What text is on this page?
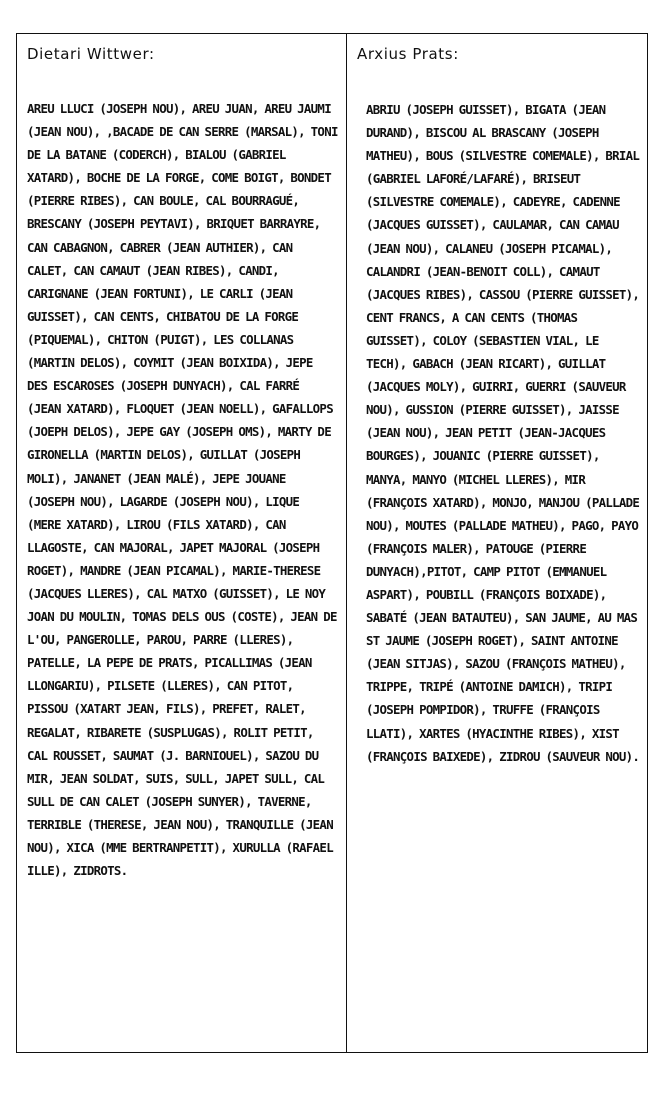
Dietari Wittwer:

AREU LLUCI (JOSEPH NOU), AREU JUAN, AREU JAUMI (JEAN NOU), ,BACADE DE CAN SERRE (MARSAL), TONI DE LA BATANE (CODERCH), BIALOU (GABRIEL XATARD), BOCHE DE LA FORGE, COME BOIGT, BONDET (PIERRE RIBES), CAN BOULE, CAL BOURRAGUÉ, BRESCANY (JOSEPH PEYTAVI), BRIQUET BARRAYRE, CAN CABAGNON, CABRER (JEAN AUTHIER), CAN CALET, CAN CAMAUT (JEAN RIBES), CANDI, CARIGNANE (JEAN FORTUNI), LE CARLI (JEAN GUISSET), CAN CENTS, CHIBATOU DE LA FORGE (PIQUEMAL), CHITON (PUIGT), LES COLLANAS (MARTIN DELOS), COYMIT (JEAN BOIXIDA), JEPE DES ESCAROSES (JOSEPH DUNYACH), CAL FARRÉ (JEAN XATARD), FLOQUET (JEAN NOELL), GAFALLOPS (JOEPH DELOS), JEPE GAY (JOSEPH OMS), MARTY DE GIRONELLA (MARTIN DELOS), GUILLAT (JOSEPH MOLI), JANANET (JEAN MALÉ), JEPE JOUANE (JOSEPH NOU), LAGARDE (JOSEPH NOU), LIQUE (MERE XATARD), LIROU (FILS XATARD), CAN LLAGOSTE, CAN MAJORAL, JAPET MAJORAL (JOSEPH ROGET), MANDRE (JEAN PICAMAL), MARIE-THERESE (JACQUES LLERES), CAL MATXO (GUISSET), LE NOY JOAN DU MOULIN, TOMAS DELS OUS (COSTE), JEAN DE L'OU, PANGEROLLE, PAROU, PARRE (LLERES), PATELLE, LA PEPE DE PRATS, PICALLIMAS (JEAN LLONGARIU), PILSETE (LLERES), CAN PITOT, PISSOU (XATART JEAN, FILS), PREFET, RALET, REGALAT, RIBARETE (SUSPLUGAS), ROLIT PETIT, CAL ROUSSET, SAUMAT (J. BARNIOUEL), SAZOU DU MIR, JEAN SOLDAT, SUIS, SULL, JAPET SULL, CAL SULL DE CAN CALET (JOSEPH SUNYER), TAVERNE, TERRIBLE (THERESE, JEAN NOU), TRANQUILLE (JEAN NOU), XICA (MME BERTRANPETIT), XURULLA (RAFAEL ILLE), ZIDROTS.

Arxius Prats:

ABRIU (JOSEPH GUISSET), BIGATA (JEAN DURAND), BISCOU AL BRASCANY (JOSEPH MATHEU), BOUS (SILVESTRE COMEMALE), BRIAL (GABRIEL LAFORÉ/LAFARÉ), BRISEUT (SILVESTRE COMEMALE), CADEYRE, CADENNE (JACQUES GUISSET), CAULAMAR, CAN CAMAU (JEAN NOU), CALANEU (JOSEPH PICAMAL), CALANDRI (JEAN-BENOIT COLL), CAMAUT (JACQUES RIBES), CASSOU (PIERRE GUISSET), CENT FRANCS, A CAN CENTS (THOMAS GUISSET), COLOY (SEBASTIEN VIAL, LE TECH), GABACH (JEAN RICART), GUILLAT (JACQUES MOLY), GUIRRI, GUERRI (SAUVEUR NOU), GUSSION (PIERRE GUISSET), JAISSE (JEAN NOU), JEAN PETIT (JEAN-JACQUES BOURGES), JOUANIC (PIERRE GUISSET), MANYA, MANYO (MICHEL LLERES), MIR (FRANÇOIS XATARD), MONJO, MANJOU (PALLADE NOU), MOUTES (PALLADE MATHEU), PAGO, PAYO (FRANÇOIS MALER), PATOUGE (PIERRE DUNYACH),PITOT, CAMP PITOT (EMMANUEL ASPART), POUBILL (FRANÇOIS BOIXADE), SABATÉ (JEAN BATAUTEU), SAN JAUME, AU MAS ST JAUME (JOSEPH ROGET), SAINT ANTOINE (JEAN SITJAS), SAZOU (FRANÇOIS MATHEU), TRIPPE, TRIPÉ (ANTOINE DAMICH), TRIPI (JOSEPH POMPIDOR), TRUFFE (FRANÇOIS LLATI), XARTES (HYACINTHE RIBES), XIST (FRANÇOIS BAIXEDE), ZIDROU (SAUVEUR NOU).
